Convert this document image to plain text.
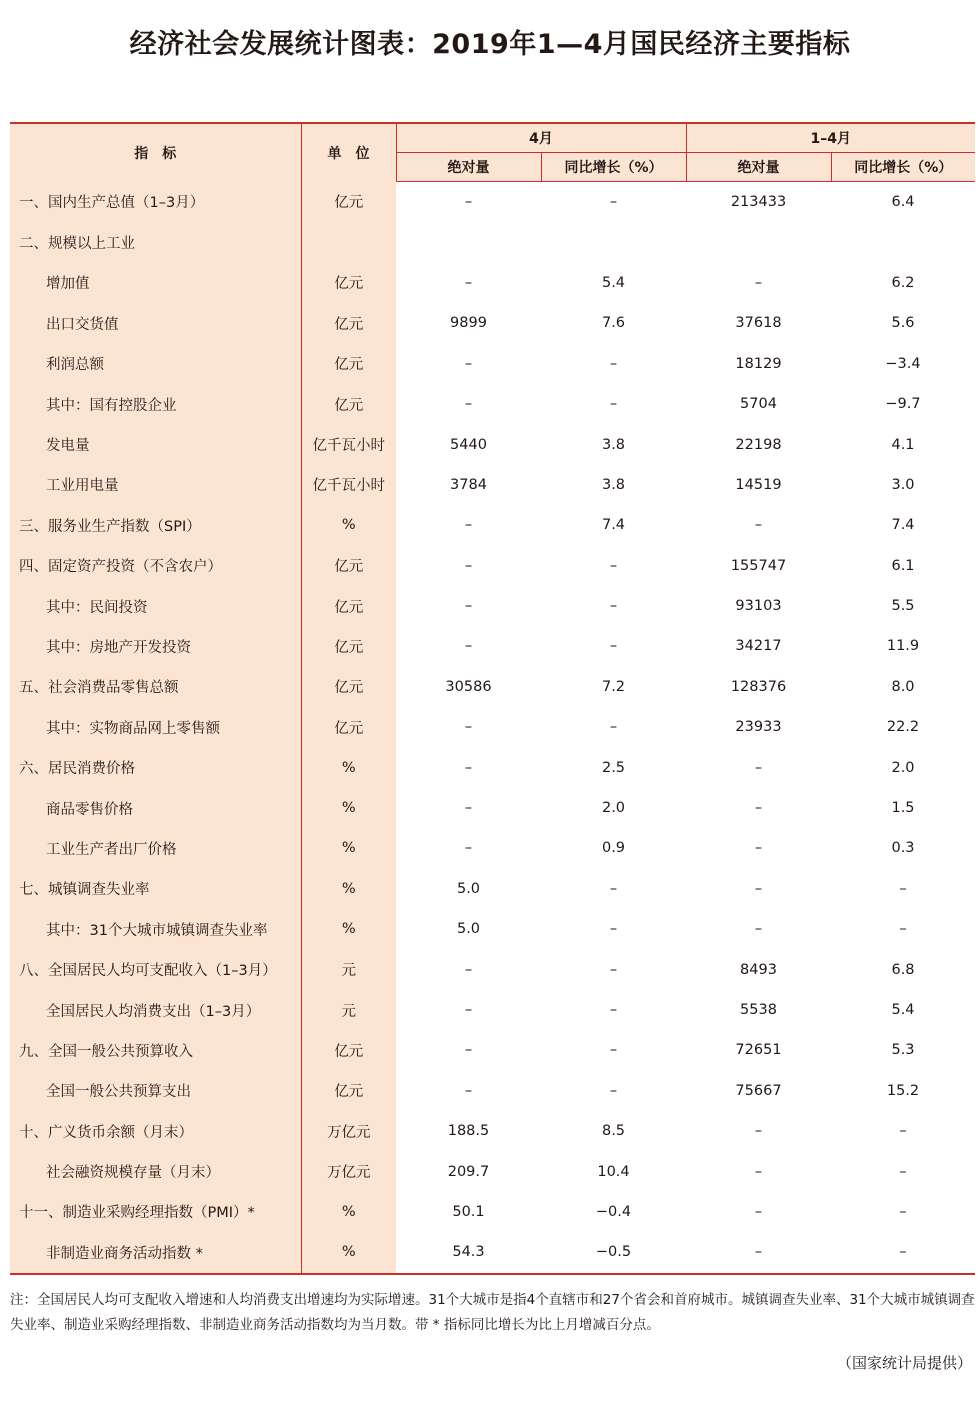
经济社会发展统计图表：2019年1—4月国民经济主要指标
指　标	单　位	4月		1–4月	
		绝对量	同比增长（%）	绝对量	同比增长（%）
一、国内生产总值（1–3月）	亿元	–	–	213433	6.4
二、规模以上工业					
增加值	亿元	–	5.4	–	6.2
出口交货值	亿元	9899	7.6	37618	5.6
利润总额	亿元	–	–	18129	−3.4
其中：国有控股企业	亿元	–	–	5704	−9.7
发电量	亿千瓦小时	5440	3.8	22198	4.1
工业用电量	亿千瓦小时	3784	3.8	14519	3.0
三、服务业生产指数（SPI）	%	–	7.4	–	7.4
四、固定资产投资（不含农户）	亿元	–	–	155747	6.1
其中：民间投资	亿元	–	–	93103	5.5
其中：房地产开发投资	亿元	–	–	34217	11.9
五、社会消费品零售总额	亿元	30586	7.2	128376	8.0
其中：实物商品网上零售额	亿元	–	–	23933	22.2
六、居民消费价格	%	–	2.5	–	2.0
商品零售价格	%	–	2.0	–	1.5
工业生产者出厂价格	%	–	0.9	–	0.3
七、城镇调查失业率	%	5.0	–	–	–
其中：31个大城市城镇调查失业率	%	5.0	–	–	–
八、全国居民人均可支配收入（1–3月）	元	–	–	8493	6.8
全国居民人均消费支出（1–3月）	元	–	–	5538	5.4
九、全国一般公共预算收入	亿元	–	–	72651	5.3
全国一般公共预算支出	亿元	–	–	75667	15.2
十、广义货币余额（月末）	万亿元	188.5	8.5	–	–
社会融资规模存量（月末）	万亿元	209.7	10.4	–	–
十一、制造业采购经理指数（PMI）*	%	50.1	−0.4	–	–
非制造业商务活动指数 *	%	54.3	−0.5	–	–
注：全国居民人均可支配收入增速和人均消费支出增速均为实际增速。31个大城市是指4个直辖市和27个省会和首府城市。城镇调查失业率、31个大城市城镇调查失业率、制造业采购经理指数、非制造业商务活动指数均为当月数。带 * 指标同比增长为比上月增减百分点。
（国家统计局提供）
